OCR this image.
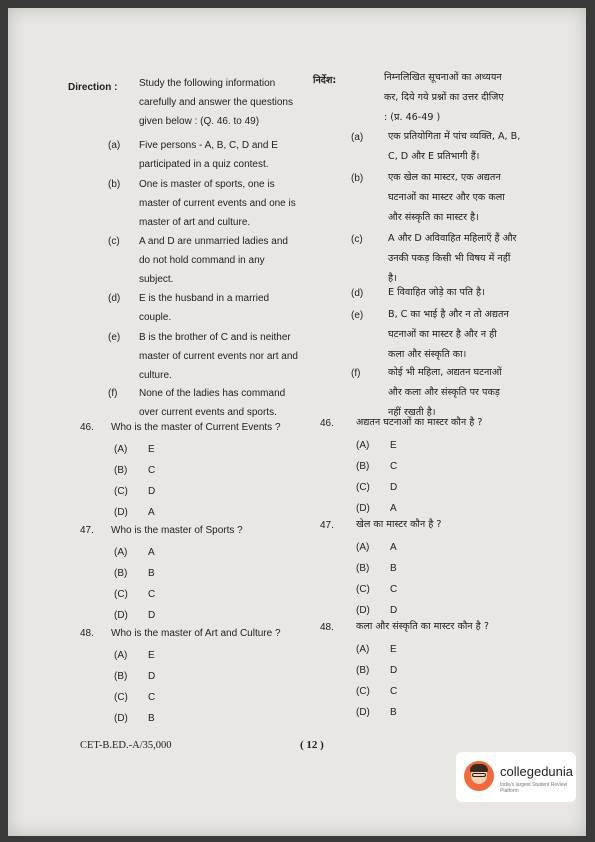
Direction : Study the following information
carefully and answer the questions
given below : (Q. 46. to 49)
(a) Five persons - A, B, C, D and E
participated in a quiz contest.
(b) One is master of sports, one is
master of current events and one is
master of art and culture.
(c) A and D are unmarried ladies and
do not hold command in any
subject.
(d) E is the husband in a married
couple.
(e) B is the brother of C and is neither
master of current events nor art and
culture.
(f) None of the ladies has command
over current events and sports.
निर्देश:	निम्नलिखित सूचनाओं का अध्ययन
कर, दिये गये प्रश्नों का उत्तर दीजिए
: (प्र. 46-49 )
(a)	एक प्रतियोगिता में पांच व्यक्ति, A, B,
C, D और E प्रतिभागी हैं।
(b)	एक खेल का मास्टर, एक अद्यतन
घटनाओं का मास्टर और एक कला
और संस्कृति का मास्टर है।
(c)	A और D अविवाहित महिलाएँ हैं और
उनकी पकड़ किसी भी विषय में नहीं
है।
(d)	E विवाहित जोड़े का पति है।
(e)	B, C का भाई है और न तो अद्यतन
घटनाओं का मास्टर है और न ही
कला और संस्कृति का।
(f)	कोई भी महिला, अद्यतन घटनाओं
और कला और संस्कृति पर पकड़
नहीं रखती है।
46. Who is the master of Current Events ?
(A) E
(B) C
(C) D
(D) A
47. Who is the master of Sports ?
(A) A
(B) B
(C) C
(D) D
48. Who is the master of Art and Culture ?
(A) E
(B) D
(C) C
(D) B
46. अद्यतन घटनाओं का मास्टर कौन है ?
(A) E
(B) C
(C) D
(D) A
47. खेल का मास्टर कौन है ?
(A) A
(B) B
(C) C
(D) D
48. कला और संस्कृति का मास्टर कौन है ?
(A) E
(B) D
(C) C
(D) B
CET-B.ED.-A/35,000	( 12 )
collegedunia
India's largest Student Review Platform
